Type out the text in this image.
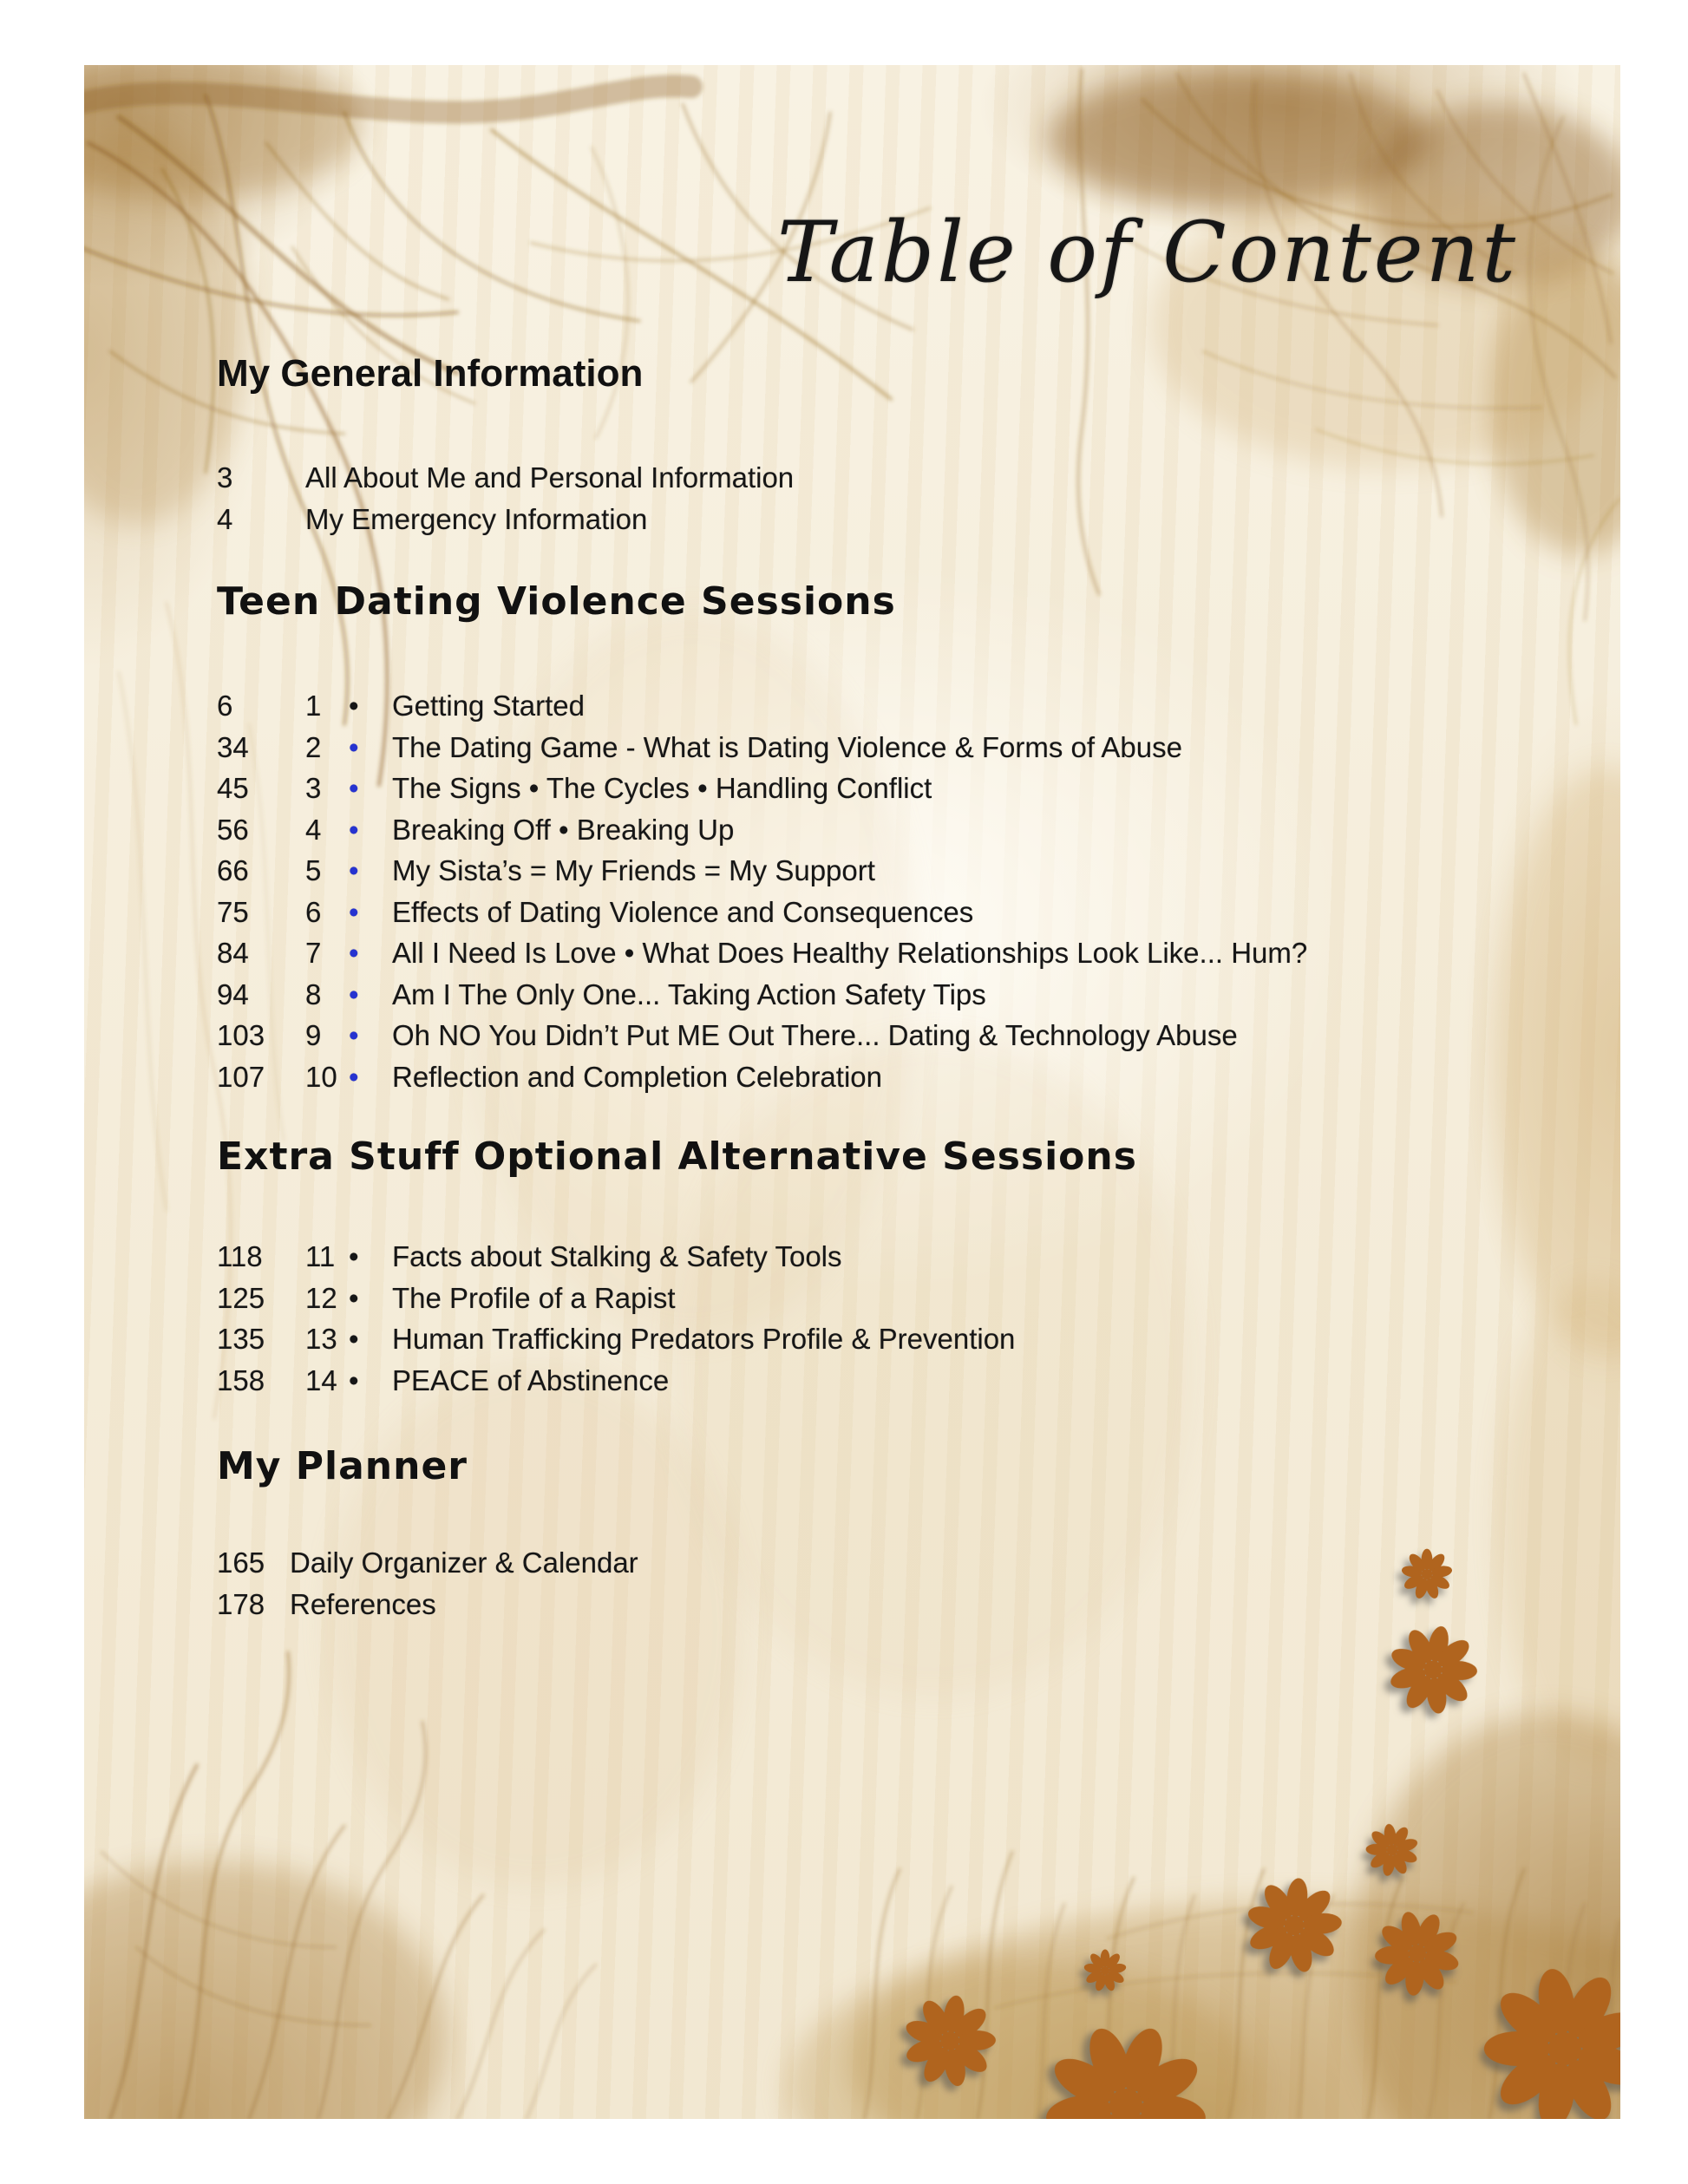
Table of Content
My General Information
3	All About Me and Personal Information
4	My Emergency Information
Teen Dating Violence Sessions
6	1 •	Getting Started
34	2 •	The Dating Game - What is Dating Violence & Forms of Abuse
45	3 •	The Signs • The Cycles • Handling Conflict
56	4 •	Breaking Off • Breaking Up
66	5 •	My Sista’s = My Friends = My Support
75	6 •	Effects of Dating Violence and Consequences
84	7 •	All I Need Is Love • What Does Healthy Relationships Look Like... Hum?
94	8 •	Am I The Only One... Taking Action Safety Tips
103	9 •	Oh NO You Didn’t Put ME Out There... Dating & Technology Abuse
107	10 •	Reflection and Completion Celebration
Extra Stuff Optional Alternative Sessions
118	11 •	Facts about Stalking & Safety Tools
125	12 •	The Profile of a Rapist
135	13 •	Human Trafficking Predators Profile & Prevention
158	14 •	PEACE of Abstinence
My Planner
165 Daily Organizer & Calendar
178 References
